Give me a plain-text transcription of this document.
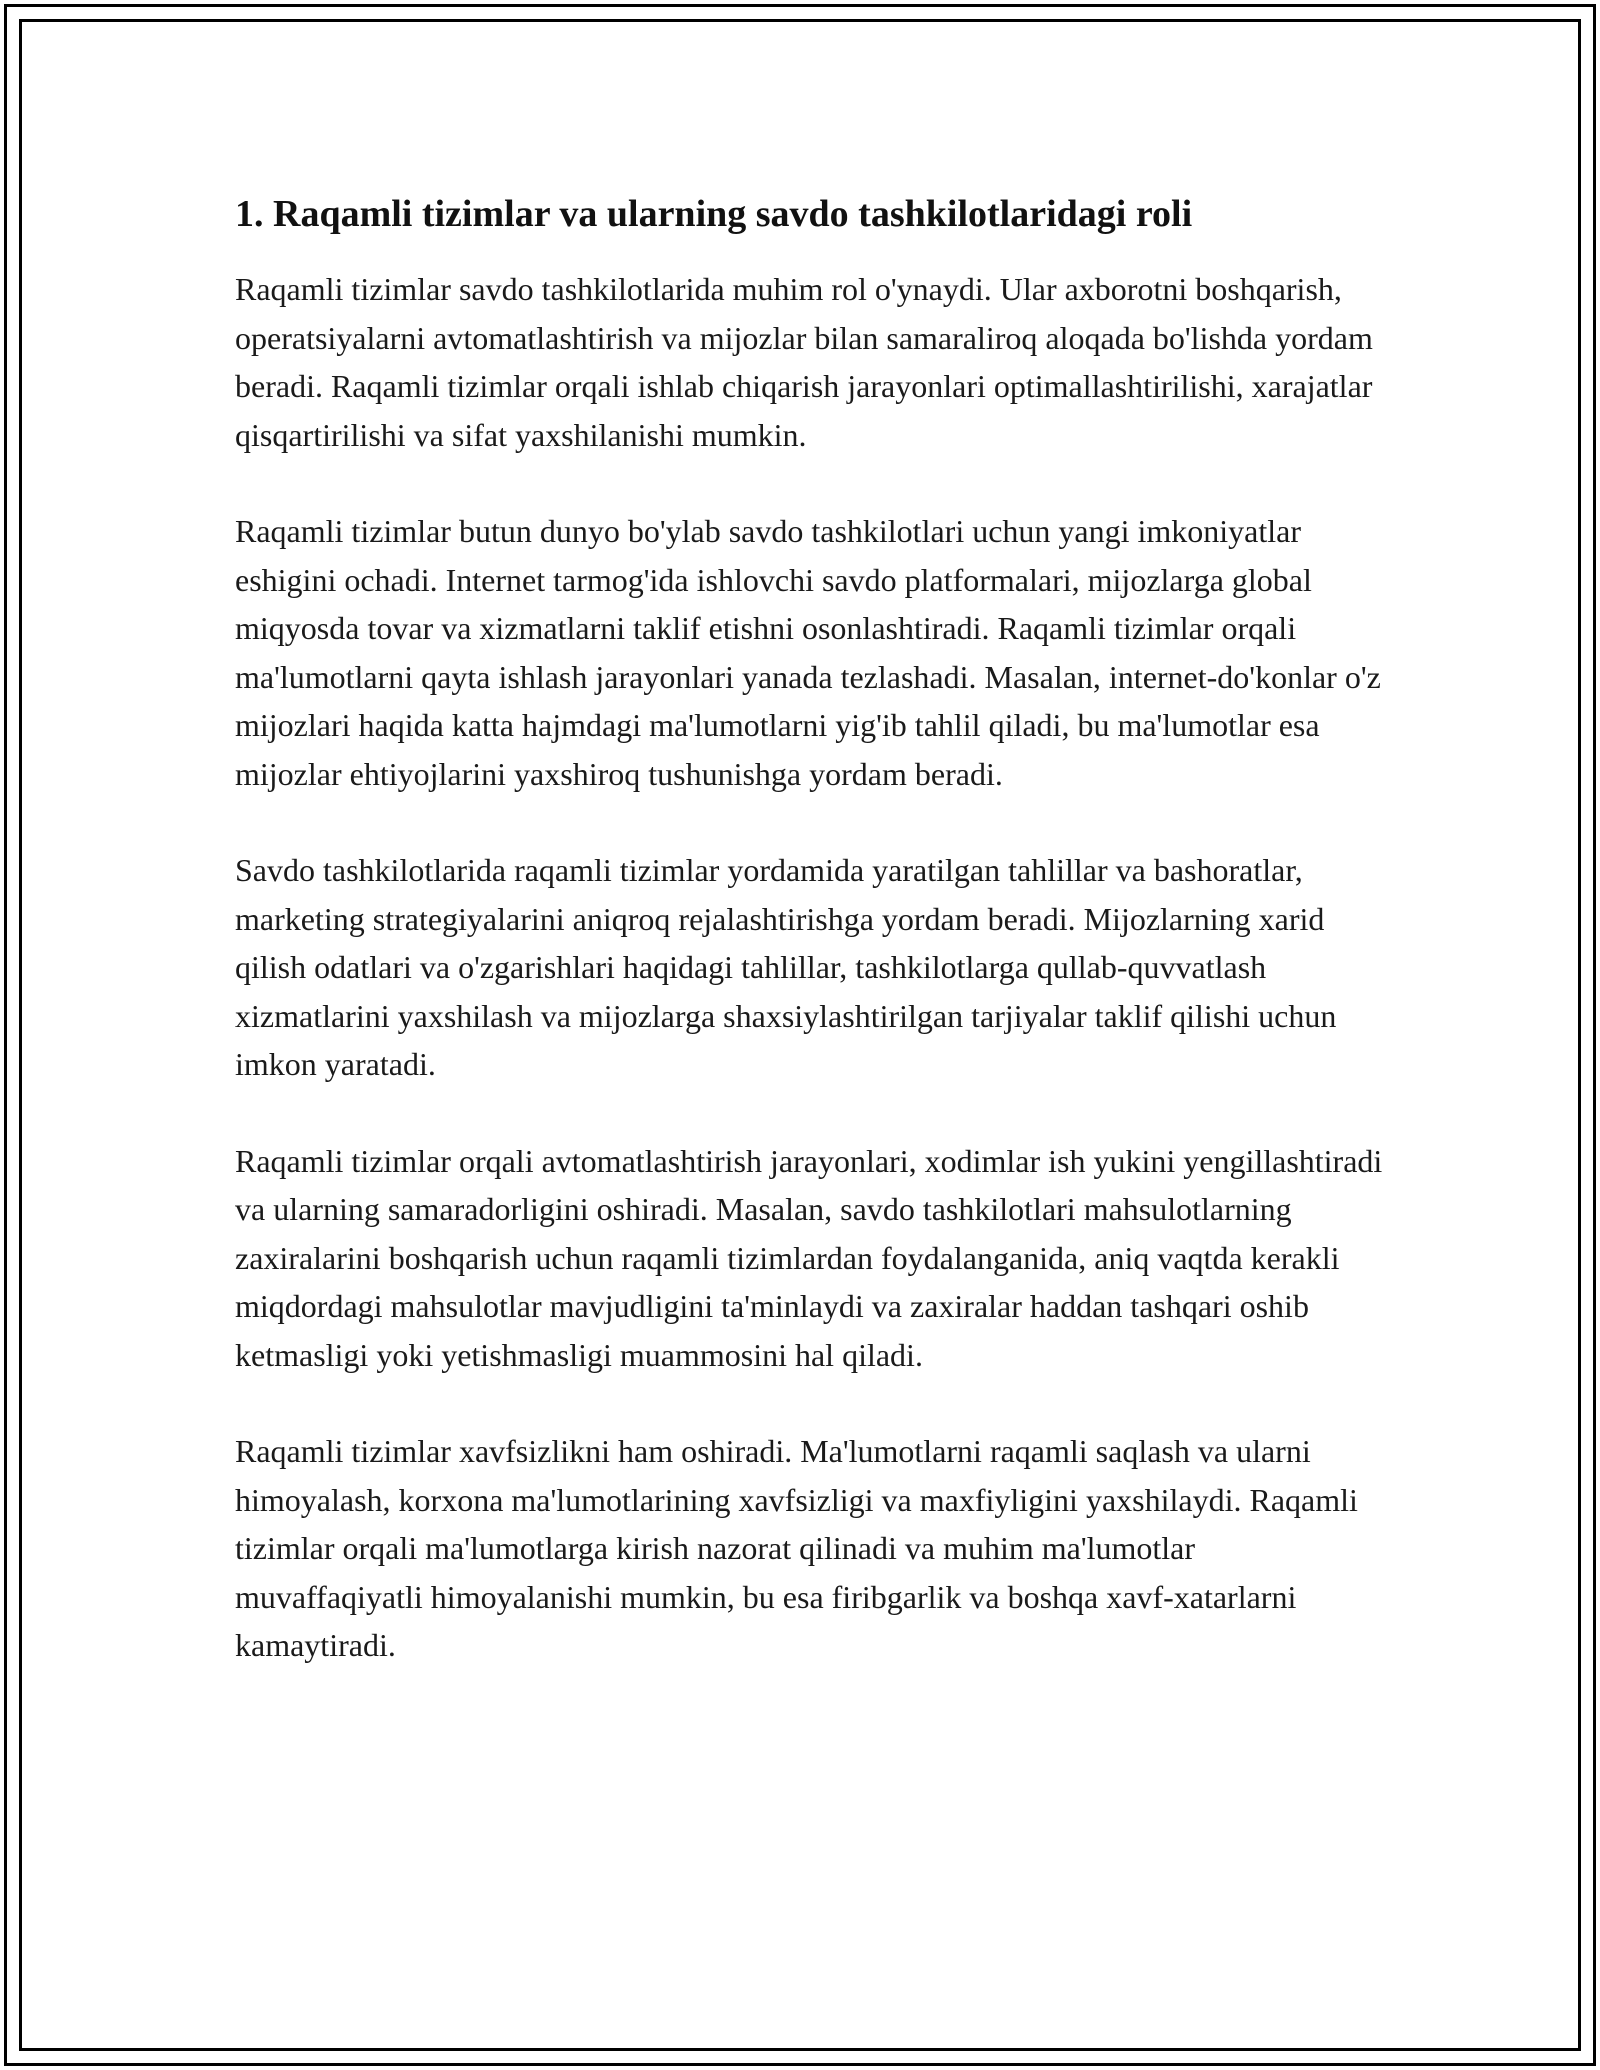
1. Raqamli tizimlar va ularning savdo tashkilotlaridagi roli

Raqamli tizimlar savdo tashkilotlarida muhim rol o'ynaydi. Ular axborotni boshqarish, operatsiyalarni avtomatlashtirish va mijozlar bilan samaraliroq aloqada bo'lishda yordam beradi. Raqamli tizimlar orqali ishlab chiqarish jarayonlari optimallashtirilishi, xarajatlar qisqartirilishi va sifat yaxshilanishi mumkin.

Raqamli tizimlar butun dunyo bo'ylab savdo tashkilotlari uchun yangi imkoniyatlar eshigini ochadi. Internet tarmog'ida ishlovchi savdo platformalari, mijozlarga global miqyosda tovar va xizmatlarni taklif etishni osonlashtiradi. Raqamli tizimlar orqali ma'lumotlarni qayta ishlash jarayonlari yanada tezlashadi. Masalan, internet-do'konlar o'z mijozlari haqida katta hajmdagi ma'lumotlarni yig'ib tahlil qiladi, bu ma'lumotlar esa mijozlar ehtiyojlarini yaxshiroq tushunishga yordam beradi.

Savdo tashkilotlarida raqamli tizimlar yordamida yaratilgan tahlillar va bashoratlar, marketing strategiyalarini aniqroq rejalashtirishga yordam beradi. Mijozlarning xarid qilish odatlari va o'zgarishlari haqidagi tahlillar, tashkilotlarga qullab-quvvatlash xizmatlarini yaxshilash va mijozlarga shaxsiylashtirilgan tarjiyalar taklif qilishi uchun imkon yaratadi.

Raqamli tizimlar orqali avtomatlashtirish jarayonlari, xodimlar ish yukini yengillashtiradi va ularning samaradorligini oshiradi. Masalan, savdo tashkilotlari mahsulotlarning zaxiralarini boshqarish uchun raqamli tizimlardan foydalanganida, aniq vaqtda kerakli miqdordagi mahsulotlar mavjudligini ta'minlaydi va zaxiralar haddan tashqari oshib ketmasligi yoki yetishmasligi muammosini hal qiladi.

Raqamli tizimlar xavfsizlikni ham oshiradi. Ma'lumotlarni raqamli saqlash va ularni himoyalash, korxona ma'lumotlarining xavfsizligi va maxfiyligini yaxshilaydi. Raqamli tizimlar orqali ma'lumotlarga kirish nazorat qilinadi va muhim ma'lumotlar muvaffaqiyatli himoyalanishi mumkin, bu esa firibgarlik va boshqa xavf-xatarlarni kamaytiradi.
